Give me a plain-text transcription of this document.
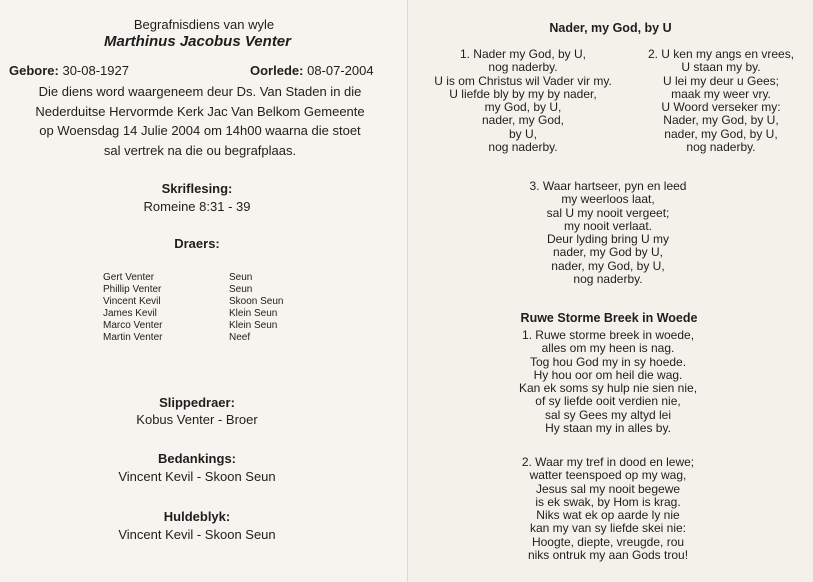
Begrafnisdiens van wyle
Marthinus Jacobus Venter
Gebore: 30-08-1927	Oorlede: 08-07-2004
Die diens word waargeneem deur Ds. Van Staden in die
Nederduitse Hervormde Kerk Jac Van Belkom Gemeente
op Woensdag 14 Julie 2004 om 14h00 waarna die stoet
sal vertrek na die ou begrafplaas.
Skriflesing:
Romeine 8:31 - 39
Draers:
Gert Venter
Phillip Venter
Vincent Kevil
James Kevil
Marco Venter
Martin Venter
Seun
Seun
Skoon Seun
Klein Seun
Klein Seun
Neef
Slippedraer:
Kobus Venter - Broer
Bedankings:
Vincent Kevil - Skoon Seun
Huldeblyk:
Vincent Kevil - Skoon Seun
Nader, my God, by U
1. Nader my God, by U,
nog naderby.
U is om Christus wil Vader vir my.
U liefde bly by my by nader,
my God, by U,
nader, my God,
by U,
nog naderby.
2. U ken my angs en vrees,
U staan my by.
U lei my deur u Gees;
maak my weer vry.
U Woord verseker my:
Nader, my God, by U,
nader, my God, by U,
nog naderby.
3. Waar hartseer, pyn en leed
my weerloos laat,
sal U my nooit vergeet;
my nooit verlaat.
Deur lyding bring U my
nader, my God by U,
nader, my God, by U,
nog naderby.
Ruwe Storme Breek in Woede
1. Ruwe storme breek in woede,
alles om my heen is nag.
Tog hou God my in sy hoede.
Hy hou oor om heil die wag.
Kan ek soms sy hulp nie sien nie,
of sy liefde ooit verdien nie,
sal sy Gees my altyd lei
Hy staan my in alles by.
2. Waar my tref in dood en lewe;
watter teenspoed op my wag,
Jesus sal my nooit begewe
is ek swak, by Hom is krag.
Niks wat ek op aarde ly nie
kan my van sy liefde skei nie:
Hoogte, diepte, vreugde, rou
niks ontruk my aan Gods trou!
